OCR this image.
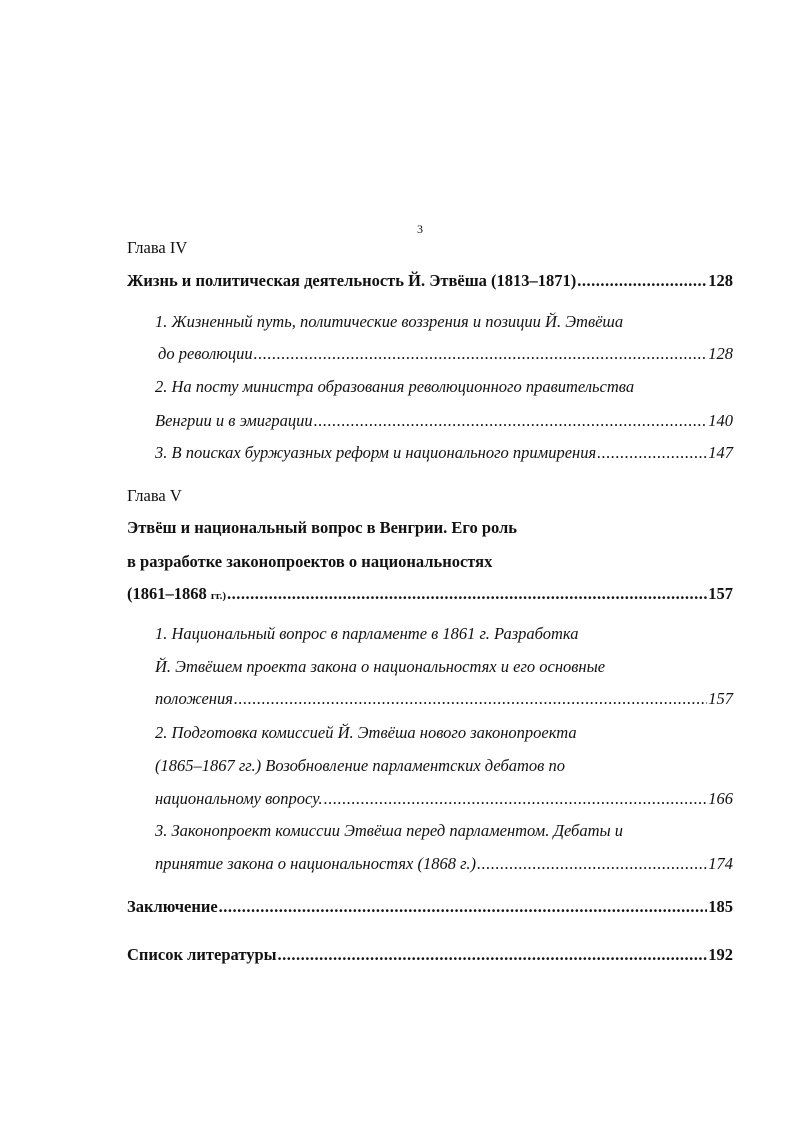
3
Глава IV
Жизнь и политическая деятельность Й. Этвёша (1813–1871) .....	128
1. Жизненный путь, политические воззрения и позиции Й. Этвёша
до революции .....	128
2. На посту министра образования революционного правительства
Венгрии и в эмиграции .....	140
3. В поисках буржуазных реформ и национального примирения .....	147
Глава V
Этвёш и национальный вопрос в Венгрии. Его роль
в разработке законопроектов о национальностях
(1861–1868 гг.) .....	157
1. Национальный вопрос в парламенте в 1861 г. Разработка
Й. Этвёшем проекта закона о национальностях и его основные
положения .....	157
2. Подготовка комиссией Й. Этвёша нового законопроекта
(1865–1867 гг.) Возобновление парламентских дебатов по
национальному вопросу. .....	166
3. Законопроект комиссии Этвёша перед парламентом. Дебаты и
принятие закона о национальностях (1868 г.) .....	174
Заключение .....	185
Список литературы .....	192
